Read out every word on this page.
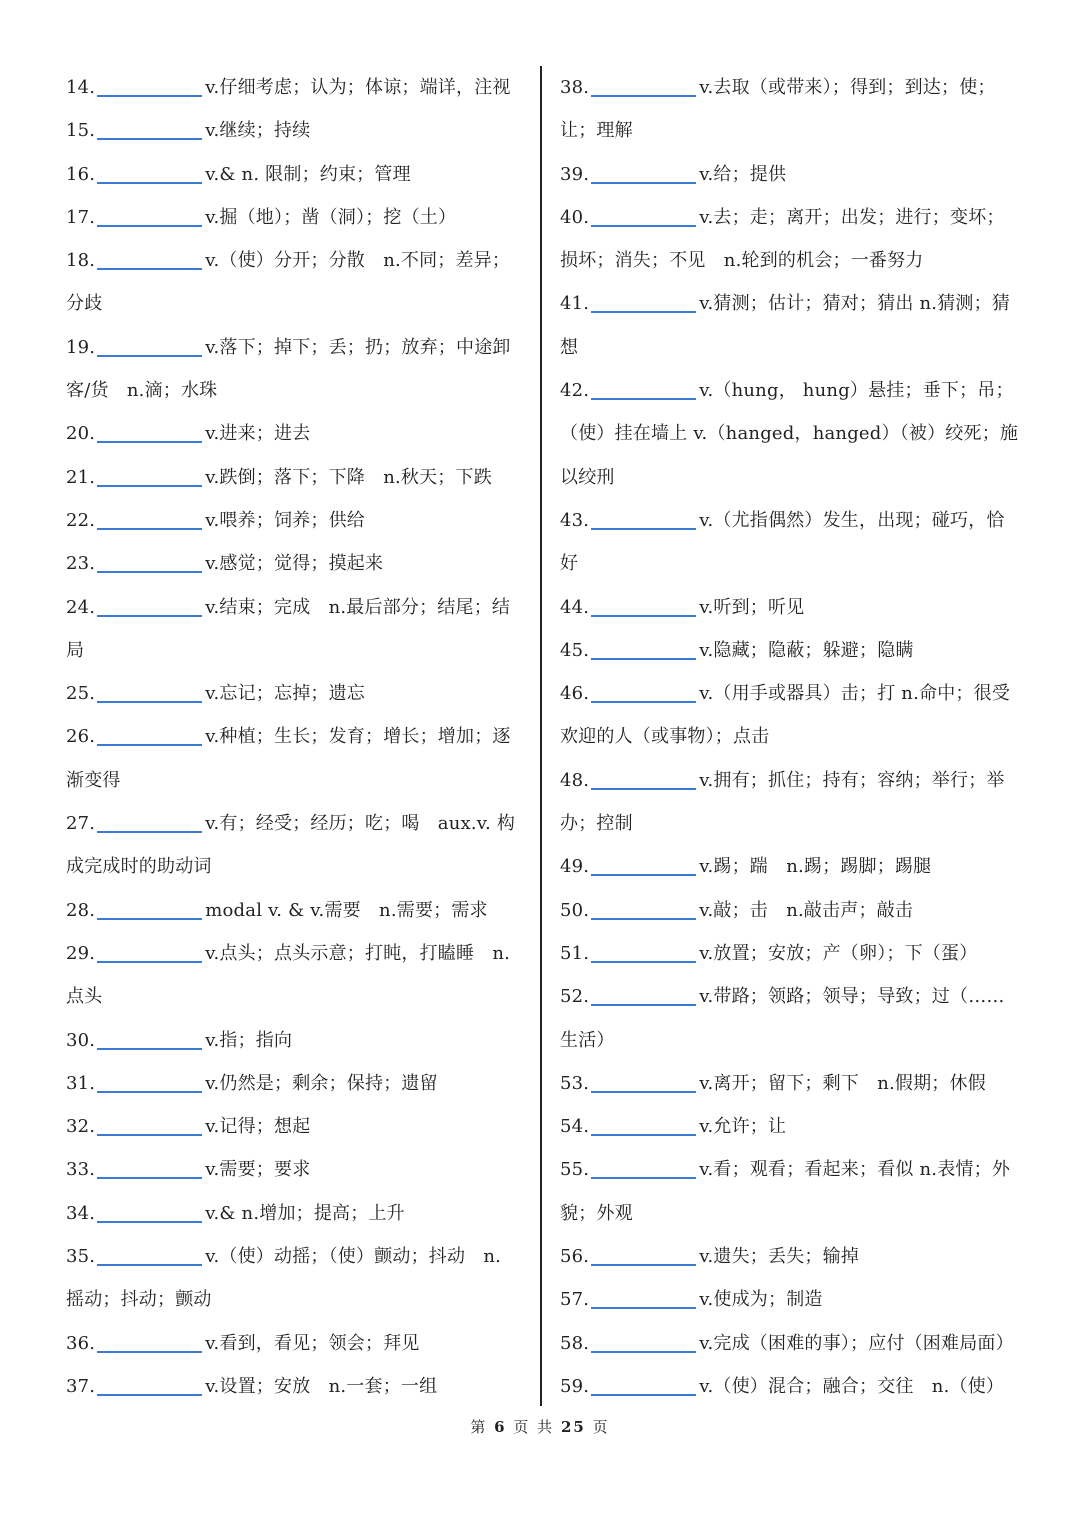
14.	v.仔细考虑；认为；体谅；端详，注视
15.	v.继续；持续
16.	v.& n. 限制；约束；管理
17.	v.掘（地）；凿（洞）；挖（土）
18.	v.（使）分开；分散　n.不同；差异；
分歧
19.	v.落下；掉下；丢；扔；放弃；中途卸
客/货　n.滴；水珠
20.	v.进来；进去
21.	v.跌倒；落下；下降　n.秋天；下跌
22.	v.喂养；饲养；供给
23.	v.感觉；觉得；摸起来
24.	v.结束；完成　n.最后部分；结尾；结
局
25.	v.忘记；忘掉；遗忘
26.	v.种植；生长；发育；增长；增加；逐
渐变得
27.	v.有；经受；经历；吃；喝　aux.v. 构
成完成时的助动词
28.	modal v. & v.需要　n.需要；需求
29.	v.点头；点头示意；打盹，打瞌睡　n.
点头
30.	v.指；指向
31.	v.仍然是；剩余；保持；遗留
32.	v.记得；想起
33.	v.需要；要求
34.	v.& n.增加；提高；上升
35.	v.（使）动摇；（使）颤动；抖动　n.
摇动；抖动；颤动
36.	v.看到，看见；领会；拜见
37.	v.设置；安放　n.一套；一组
38.	v.去取（或带来）；得到；到达；使；
让；理解
39.	v.给；提供
40.	v.去；走；离开；出发；进行；变坏；
损坏；消失；不见　n.轮到的机会；一番努力
41.	v.猜测；估计；猜对；猜出 n.猜测；猜
想
42.	v.（hung， hung）悬挂；垂下；吊；
（使）挂在墙上 v.（hanged，hanged）（被）绞死；施
以绞刑
43.	v.（尤指偶然）发生，出现；碰巧，恰
好
44.	v.听到；听见
45.	v.隐藏；隐蔽；躲避；隐瞒
46.	v.（用手或器具）击；打 n.命中；很受
欢迎的人（或事物）；点击
48.	v.拥有；抓住；持有；容纳；举行；举
办；控制
49.	v.踢；踹　n.踢；踢脚；踢腿
50.	v.敲；击　n.敲击声；敲击
51.	v.放置；安放；产（卵）；下（蛋）
52.	v.带路；领路；领导；导致；过（……
生活）
53.	v.离开；留下；剩下　n.假期；休假
54.	v.允许；让
55.	v.看；观看；看起来；看似 n.表情；外
貌；外观
56.	v.遗失；丢失；输掉
57.	v.使成为；制造
58.	v.完成（困难的事）；应付（困难局面）
59.	v.（使）混合；融合；交往　n.（使）
第 6 页 共 25 页
